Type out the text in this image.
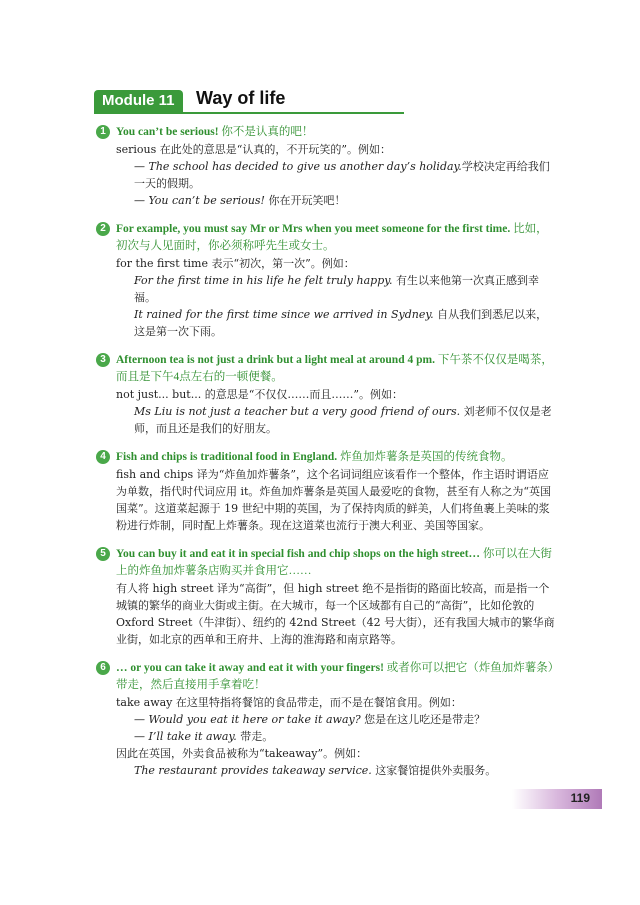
Module 11	Way of life
1 You can’t be serious! 你不是认真的吧！
serious 在此处的意思是“认真的，不开玩笑的”。例如：
— The school has decided to give us another day’s holiday.学校决定再给我们一天的假期。
— You can’t be serious! 你在开玩笑吧！
2 For example, you must say Mr or Mrs when you meet someone for the first time. 比如，初次与人见面时，你必须称呼先生或女士。
for the first time 表示“初次，第一次”。例如：
For the first time in his life he felt truly happy. 有生以来他第一次真正感到幸福。
It rained for the first time since we arrived in Sydney. 自从我们到悉尼以来，这是第一次下雨。
3 Afternoon tea is not just a drink but a light meal at around 4 pm. 下午茶不仅仅是喝茶，而且是下午4点左右的一顿便餐。
not just... but... 的意思是“不仅仅……而且……”。例如：
Ms Liu is not just a teacher but a very good friend of ours. 刘老师不仅仅是老师，而且还是我们的好朋友。
4 Fish and chips is traditional food in England. 炸鱼加炸薯条是英国的传统食物。
fish and chips 译为“炸鱼加炸薯条”，这个名词词组应该看作一个整体，作主语时谓语应为单数，指代时代词应用 it。炸鱼加炸薯条是英国人最爱吃的食物，甚至有人称之为“英国国菜”。这道菜起源于 19 世纪中期的英国，为了保持肉质的鲜美，人们将鱼裹上美味的浆粉进行炸制，同时配上炸薯条。现在这道菜也流行于澳大利亚、美国等国家。
5 You can buy it and eat it in special fish and chip shops on the high street… 你可以在大街上的炸鱼加炸薯条店购买并食用它……
有人将 high street 译为“高街”，但 high street 绝不是指街的路面比较高，而是指一个城镇的繁华的商业大街或主街。在大城市，每一个区域都有自己的“高街”，比如伦敦的 Oxford Street（牛津街）、纽约的 42nd Street（42 号大街），还有我国大城市的繁华商业街，如北京的西单和王府井、上海的淮海路和南京路等。
6 … or you can take it away and eat it with your fingers! 或者你可以把它（炸鱼加炸薯条）带走，然后直接用手拿着吃！
take away 在这里特指将餐馆的食品带走，而不是在餐馆食用。例如：
— Would you eat it here or take it away? 您是在这儿吃还是带走？
— I’ll take it away. 带走。
因此在英国，外卖食品被称为“takeaway”。例如：
The restaurant provides takeaway service. 这家餐馆提供外卖服务。
119
